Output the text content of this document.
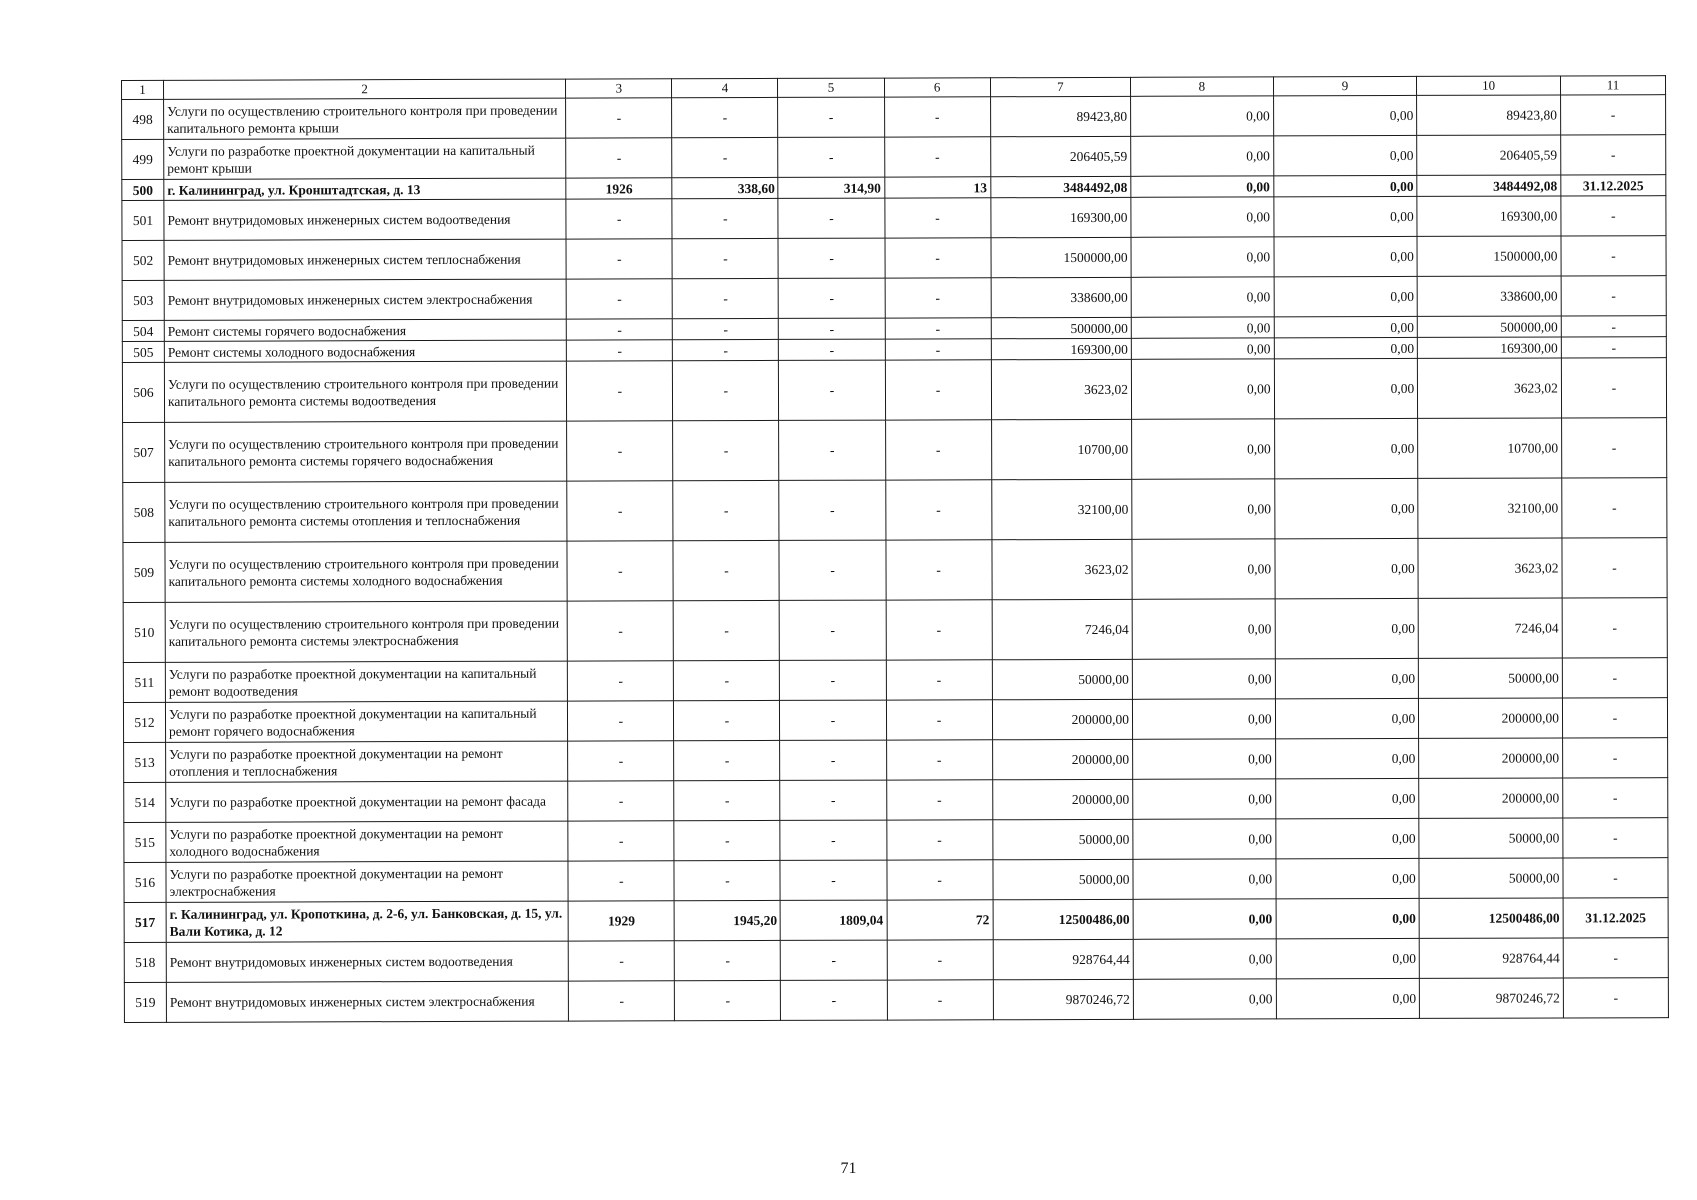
1	2	3	4	5	6	7	8	9	10	11
498	Услуги по осуществлению строительного контроля при проведении капитального ремонта крыши	-	-	-	-	89423,80	0,00	0,00	89423,80	-
499	Услуги по разработке проектной документации на капитальный ремонт крыши	-	-	-	-	206405,59	0,00	0,00	206405,59	-
500	г. Калининград, ул. Кронштадтская, д. 13	1926	338,60	314,90	13	3484492,08	0,00	0,00	3484492,08	31.12.2025
501	Ремонт внутридомовых инженерных систем водоотведения	-	-	-	-	169300,00	0,00	0,00	169300,00	-
502	Ремонт внутридомовых инженерных систем теплоснабжения	-	-	-	-	1500000,00	0,00	0,00	1500000,00	-
503	Ремонт внутридомовых инженерных систем электроснабжения	-	-	-	-	338600,00	0,00	0,00	338600,00	-
504	Ремонт системы горячего водоснабжения	-	-	-	-	500000,00	0,00	0,00	500000,00	-
505	Ремонт системы холодного водоснабжения	-	-	-	-	169300,00	0,00	0,00	169300,00	-
506	Услуги по осуществлению строительного контроля при проведении капитального ремонта системы водоотведения	-	-	-	-	3623,02	0,00	0,00	3623,02	-
507	Услуги по осуществлению строительного контроля при проведении капитального ремонта системы горячего водоснабжения	-	-	-	-	10700,00	0,00	0,00	10700,00	-
508	Услуги по осуществлению строительного контроля при проведении капитального ремонта системы отопления и теплоснабжения	-	-	-	-	32100,00	0,00	0,00	32100,00	-
509	Услуги по осуществлению строительного контроля при проведении капитального ремонта системы холодного водоснабжения	-	-	-	-	3623,02	0,00	0,00	3623,02	-
510	Услуги по осуществлению строительного контроля при проведении капитального ремонта системы электроснабжения	-	-	-	-	7246,04	0,00	0,00	7246,04	-
511	Услуги по разработке проектной документации на капитальный ремонт водоотведения	-	-	-	-	50000,00	0,00	0,00	50000,00	-
512	Услуги по разработке проектной документации на капитальный ремонт горячего водоснабжения	-	-	-	-	200000,00	0,00	0,00	200000,00	-
513	Услуги по разработке проектной документации на ремонт отопления и теплоснабжения	-	-	-	-	200000,00	0,00	0,00	200000,00	-
514	Услуги по разработке проектной документации на ремонт фасада	-	-	-	-	200000,00	0,00	0,00	200000,00	-
515	Услуги по разработке проектной документации на ремонт холодного водоснабжения	-	-	-	-	50000,00	0,00	0,00	50000,00	-
516	Услуги по разработке проектной документации на ремонт электроснабжения	-	-	-	-	50000,00	0,00	0,00	50000,00	-
517	г. Калининград, ул. Кропоткина, д. 2-6, ул. Банковская, д. 15, ул. Вали Котика, д. 12	1929	1945,20	1809,04	72	12500486,00	0,00	0,00	12500486,00	31.12.2025
518	Ремонт внутридомовых инженерных систем водоотведения	-	-	-	-	928764,44	0,00	0,00	928764,44	-
519	Ремонт внутридомовых инженерных систем электроснабжения	-	-	-	-	9870246,72	0,00	0,00	9870246,72	-
71
